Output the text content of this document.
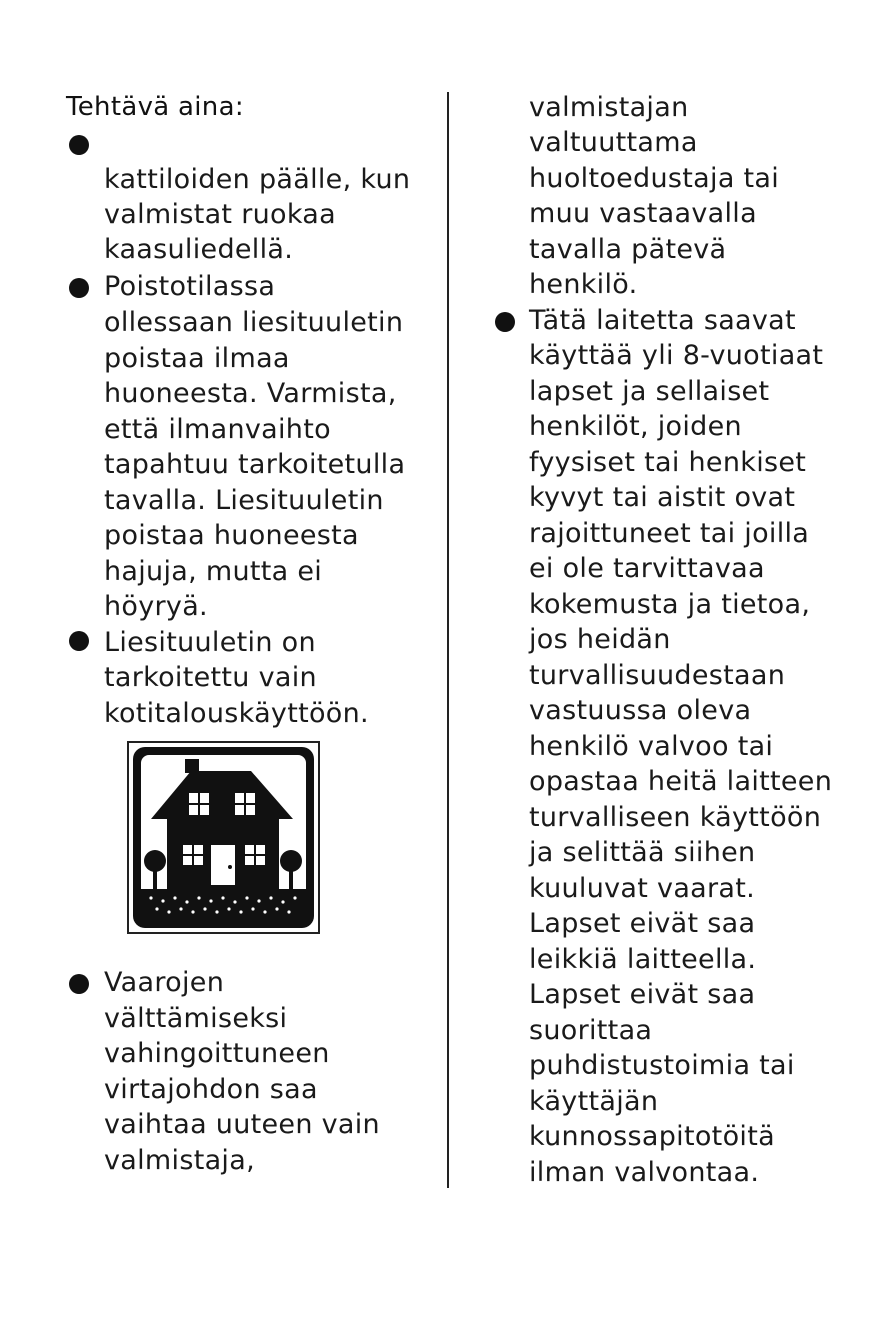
Tehtävä aina:
kattiloiden päälle, kun
valmistat ruokaa
kaasuliedellä.
Poistotilassa
ollessaan liesituuletin
poistaa ilmaa
huoneesta. Varmista,
että ilmanvaihto
tapahtuu tarkoitetulla
tavalla. Liesituuletin
poistaa huoneesta
hajuja, mutta ei
höyryä.
Liesituuletin on
tarkoitettu vain
kotitalouskäyttöön.
Vaarojen
välttämiseksi
vahingoittuneen
virtajohdon saa
vaihtaa uuteen vain
valmistaja,
valmistajan
valtuuttama
huoltoedustaja tai
muu vastaavalla
tavalla pätevä
henkilö.
Tätä laitetta saavat
käyttää yli 8-vuotiaat
lapset ja sellaiset
henkilöt, joiden
fyysiset tai henkiset
kyvyt tai aistit ovat
rajoittuneet tai joilla
ei ole tarvittavaa
kokemusta ja tietoa,
jos heidän
turvallisuudestaan
vastuussa oleva
henkilö valvoo tai
opastaa heitä laitteen
turvalliseen käyttöön
ja selittää siihen
kuuluvat vaarat.
Lapset eivät saa
leikkiä laitteella.
Lapset eivät saa
suorittaa
puhdistustoimia tai
käyttäjän
kunnossapitotöitä
ilman valvontaa.
